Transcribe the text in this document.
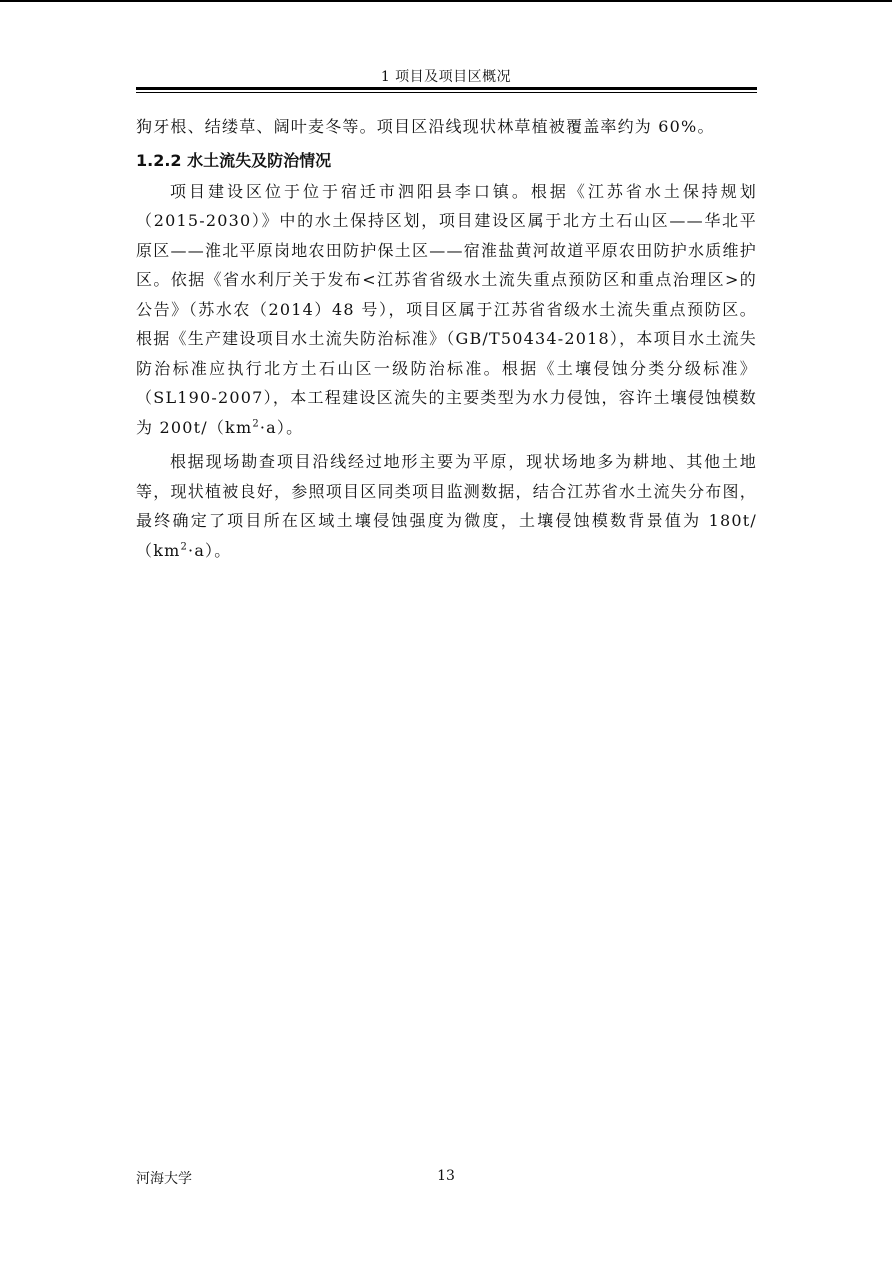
1 项目及项目区概况

狗牙根、结缕草、阔叶麦冬等。项目区沿线现状林草植被覆盖率约为 60%。

1.2.2 水土流失及防治情况

项目建设区位于位于宿迁市泗阳县李口镇。根据《江苏省水土保持规划（2015-2030）》中的水土保持区划，项目建设区属于北方土石山区——华北平原区——淮北平原岗地农田防护保土区——宿淮盐黄河故道平原农田防护水质维护区。依据《省水利厅关于发布<江苏省省级水土流失重点预防区和重点治理区>的公告》（苏水农（2014）48 号），项目区属于江苏省省级水土流失重点预防区。根据《生产建设项目水土流失防治标准》（GB/T50434-2018），本项目水土流失防治标准应执行北方土石山区一级防治标准。根据《土壤侵蚀分类分级标准》（SL190-2007），本工程建设区流失的主要类型为水力侵蚀，容许土壤侵蚀模数为 $200t/(km^2\cdot a)$。

根据现场勘查项目沿线经过地形主要为平原，现状场地多为耕地、其他土地等，现状植被良好，参照项目区同类项目监测数据，结合江苏省水土流失分布图，最终确定了项目所在区域土壤侵蚀强度为微度，土壤侵蚀模数背景值为 $180t/(km^2\cdot a)$。

河海大学	13
